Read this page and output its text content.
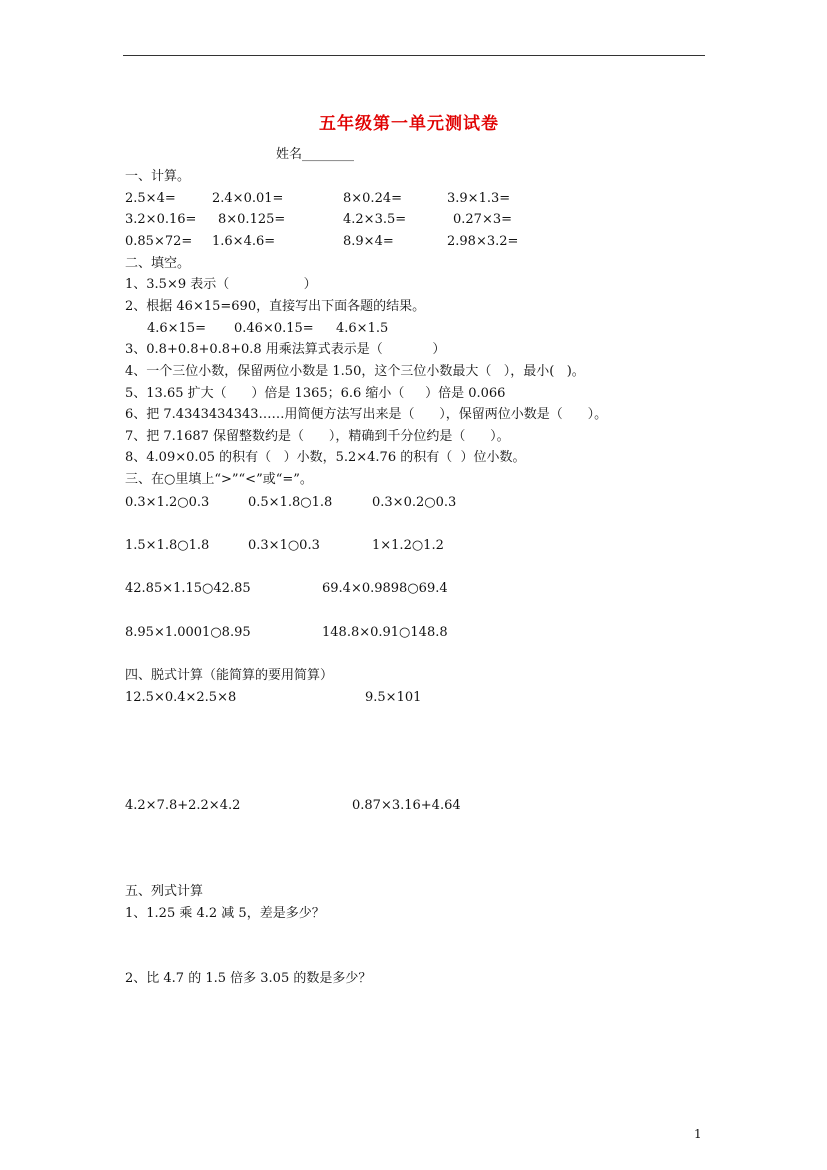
五年级第一单元测试卷
姓名________
一、计算。
2.5×4=	2.4×0.01=	8×0.24=	3.9×1.3=
3.2×0.16= 8×0.125=	4.2×3.5=	0.27×3=
0.85×72= 1.6×4.6=	8.9×4=	2.98×3.2=
二、填空。
1、3.5×9 表示（                  ）
2、根据 46×15=690，直接写出下面各题的结果。
4.6×15= 0.46×0.15= 4.6×1.5
3、0.8+0.8+0.8+0.8 用乘法算式表示是（            ）
4、一个三位小数，保留两位小数是 1.50，这个三位小数最大（   ），最小(   )。
5、13.65 扩大（      ）倍是 1365；6.6 缩小（     ）倍是 0.066
6、把 7.4343434343……用简便方法写出来是（      ），保留两位小数是（      ）。
7、把 7.1687 保留整数约是（      ），精确到千分位约是（      ）。
8、4.09×0.05 的积有（   ）小数，5.2×4.76 的积有（  ）位小数。
三、在○里填上“>”“<”或“=”。
0.3×1.2○0.3	0.5×1.8○1.8	0.3×0.2○0.3
1.5×1.8○1.8	0.3×1○0.3	1×1.2○1.2
42.85×1.15○42.85	69.4×0.9898○69.4
8.95×1.0001○8.95	148.8×0.91○148.8
四、脱式计算（能简算的要用简算）
12.5×0.4×2.5×8	9.5×101
4.2×7.8+2.2×4.2	0.87×3.16+4.64
五、列式计算
1、1.25 乘 4.2 减 5，差是多少？
2、比 4.7 的 1.5 倍多 3.05 的数是多少？
1
